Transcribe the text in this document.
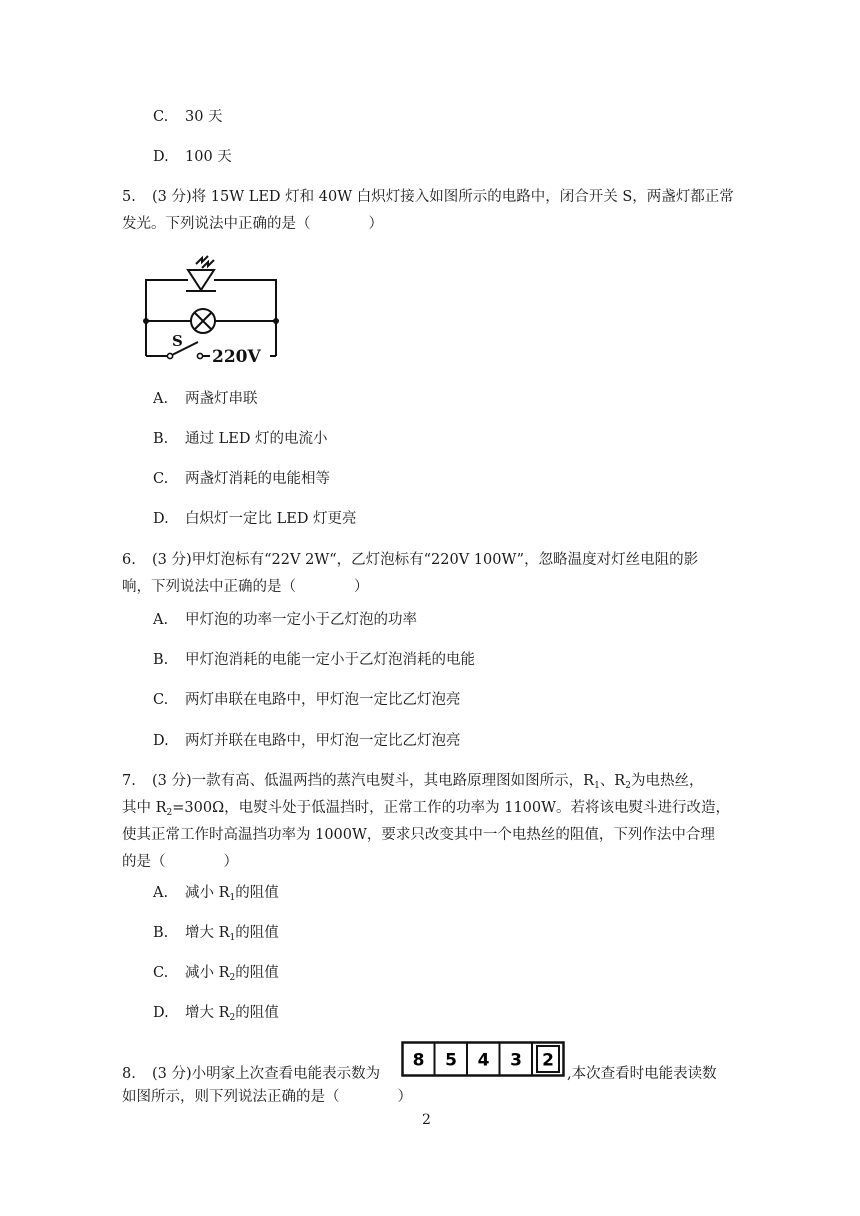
C. 30 天
D. 100 天
5. (3 分)将 15W LED 灯和 40W 白炽灯接入如图所示的电路中，闭合开关 S，两盏灯都正常
发光。下列说法中正确的是（　　　　）
S
220V
A. 两盏灯串联
B. 通过 LED 灯的电流小
C. 两盏灯消耗的电能相等
D. 白炽灯一定比 LED 灯更亮
6. (3 分)甲灯泡标有“22V 2W“，乙灯泡标有“220V 100W”，忽略温度对灯丝电阻的影
响，下列说法中正确的是（　　　　）
A. 甲灯泡的功率一定小于乙灯泡的功率
B. 甲灯泡消耗的电能一定小于乙灯泡消耗的电能
C. 两灯串联在电路中，甲灯泡一定比乙灯泡亮
D. 两灯并联在电路中，甲灯泡一定比乙灯泡亮
7. (3 分)一款有高、低温两挡的蒸汽电熨斗，其电路原理图如图所示，$R_1$、$R_2$为电热丝，
其中 $R_2=300\Omega$，电熨斗处于低温挡时，正常工作的功率为 1100W。若将该电熨斗进行改造，
使其正常工作时高温挡功率为 1000W，要求只改变其中一个电热丝的阻值，下列作法中合理
的是（　　　　）
A. 减小 $R_1$的阻值
B. 增大 $R_1$的阻值
C. 减小 $R_2$的阻值
D. 增大 $R_2$的阻值
8. (3 分)小明家上次查看电能表示数为
8 5 4 3 2
,本次查看时电能表读数
如图所示，则下列说法正确的是（　　　　）
2
